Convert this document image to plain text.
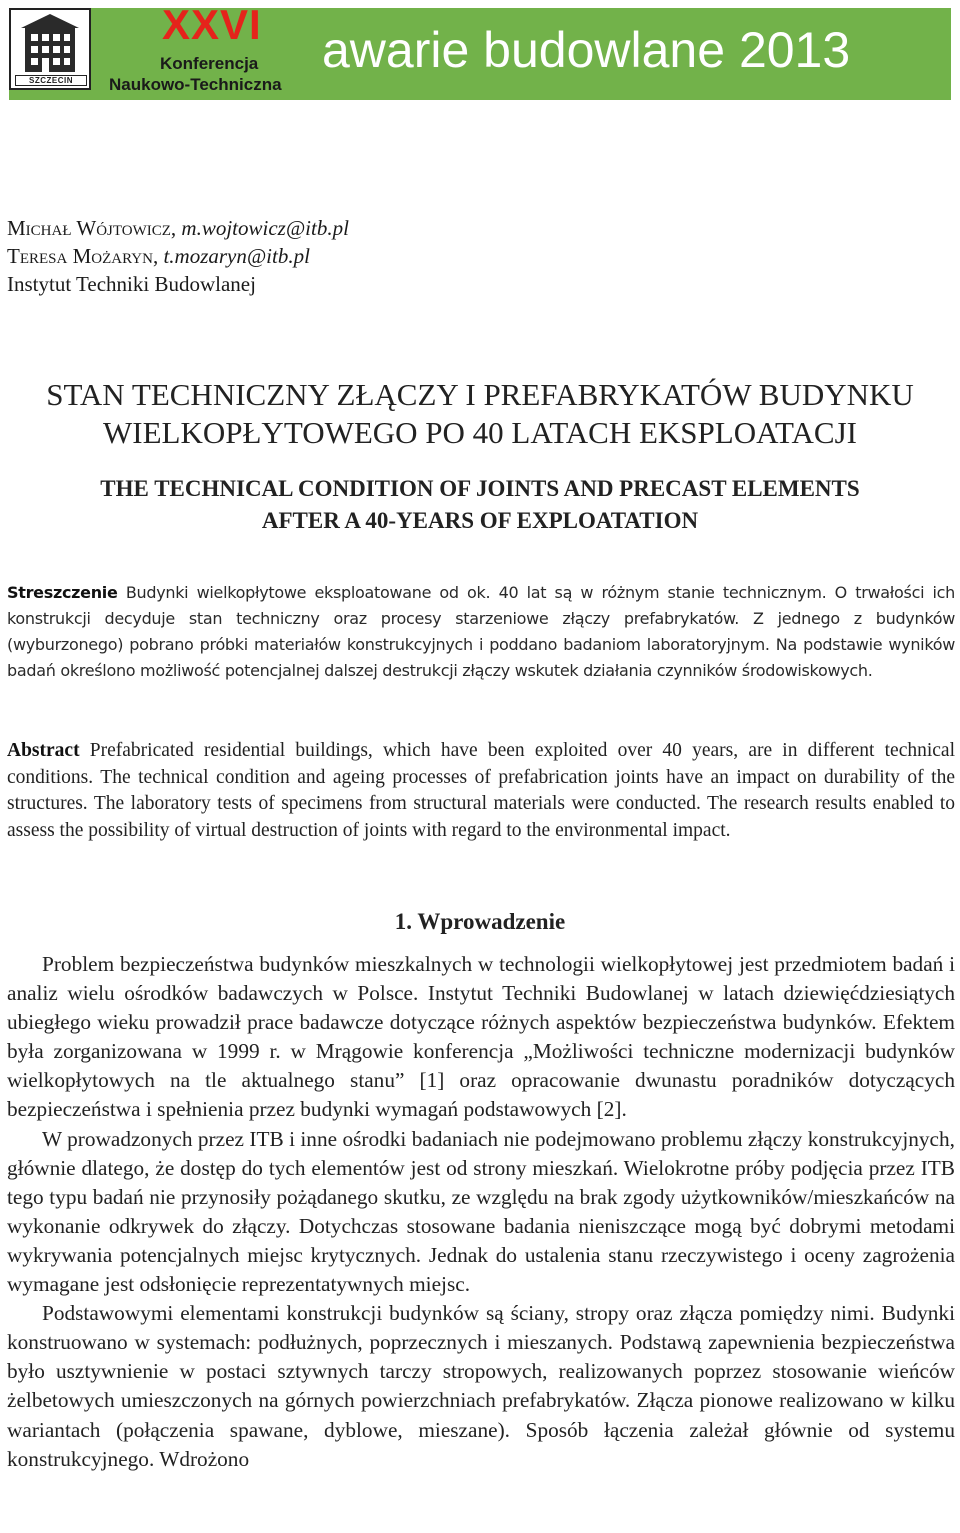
SZCZECIN
XXVI
Konferencja
Naukowo-Techniczna
awarie budowlane 2013
Michał Wójtowicz, m.wojtowicz@itb.pl
Teresa Możaryn, t.mozaryn@itb.pl
Instytut Techniki Budowlanej
STAN TECHNICZNY ZŁĄCZY I PREFABRYKATÓW BUDYNKU
WIELKOPŁYTOWEGO PO 40 LATACH EKSPLOATACJI
THE TECHNICAL CONDITION OF JOINTS AND PRECAST ELEMENTS
AFTER A 40-YEARS OF EXPLOATATION
Streszczenie Budynki wielkopłytowe eksploatowane od ok. 40 lat są w różnym stanie technicznym. O trwałości ich konstrukcji decyduje stan techniczny oraz procesy starzeniowe złączy prefabrykatów. Z jednego z budynków (wyburzonego) pobrano próbki materiałów konstrukcyjnych i poddano badaniom laboratoryjnym. Na podstawie wyników badań określono możliwość potencjalnej dalszej destrukcji złączy wskutek działania czynników środowiskowych.
Abstract Prefabricated residential buildings, which have been exploited over 40 years, are in different technical conditions. The technical condition and ageing processes of prefabrication joints have an impact on durability of the structures. The laboratory tests of specimens from structural materials were conducted. The research results enabled to assess the possibility of virtual destruction of joints with regard to the environmental impact.
1. Wprowadzenie

Problem bezpieczeństwa budynków mieszkalnych w technologii wielkopłytowej jest przedmiotem badań i analiz wielu ośrodków badawczych w Polsce. Instytut Techniki Budowlanej w latach dziewięćdziesiątych ubiegłego wieku prowadził prace badawcze dotyczące różnych aspektów bezpieczeństwa budynków. Efektem była zorganizowana w 1999 r. w Mrągowie konferencja „Możliwości techniczne modernizacji budynków wielkopłytowych na tle aktualnego stanu” [1] oraz opracowanie dwunastu poradników dotyczących bezpieczeństwa i spełnienia przez budynki wymagań podstawowych [2].

W prowadzonych przez ITB i inne ośrodki badaniach nie podejmowano problemu złączy konstrukcyjnych, głównie dlatego, że dostęp do tych elementów jest od strony mieszkań. Wielokrotne próby podjęcia przez ITB tego typu badań nie przynosiły pożądanego skutku, ze względu na brak zgody użytkowników/mieszkańców na wykonanie odkrywek do złączy. Dotychczas stosowane badania nieniszczące mogą być dobrymi metodami wykrywania potencjalnych miejsc krytycznych. Jednak do ustalenia stanu rzeczywistego i oceny zagrożenia wymagane jest odsłonięcie reprezentatywnych miejsc.

Podstawowymi elementami konstrukcji budynków są ściany, stropy oraz złącza pomiędzy nimi. Budynki konstruowano w systemach: podłużnych, poprzecznych i mieszanych. Podstawą zapewnienia bezpieczeństwa było usztywnienie w postaci sztywnych tarczy stropowych, realizowanych poprzez stosowanie wieńców żelbetowych umieszczonych na górnych powierzchniach prefabrykatów. Złącza pionowe realizowano w kilku wariantach (połączenia spawane, dyblowe, mieszane). Sposób łączenia zależał głównie od systemu konstrukcyjnego. Wdrożono
